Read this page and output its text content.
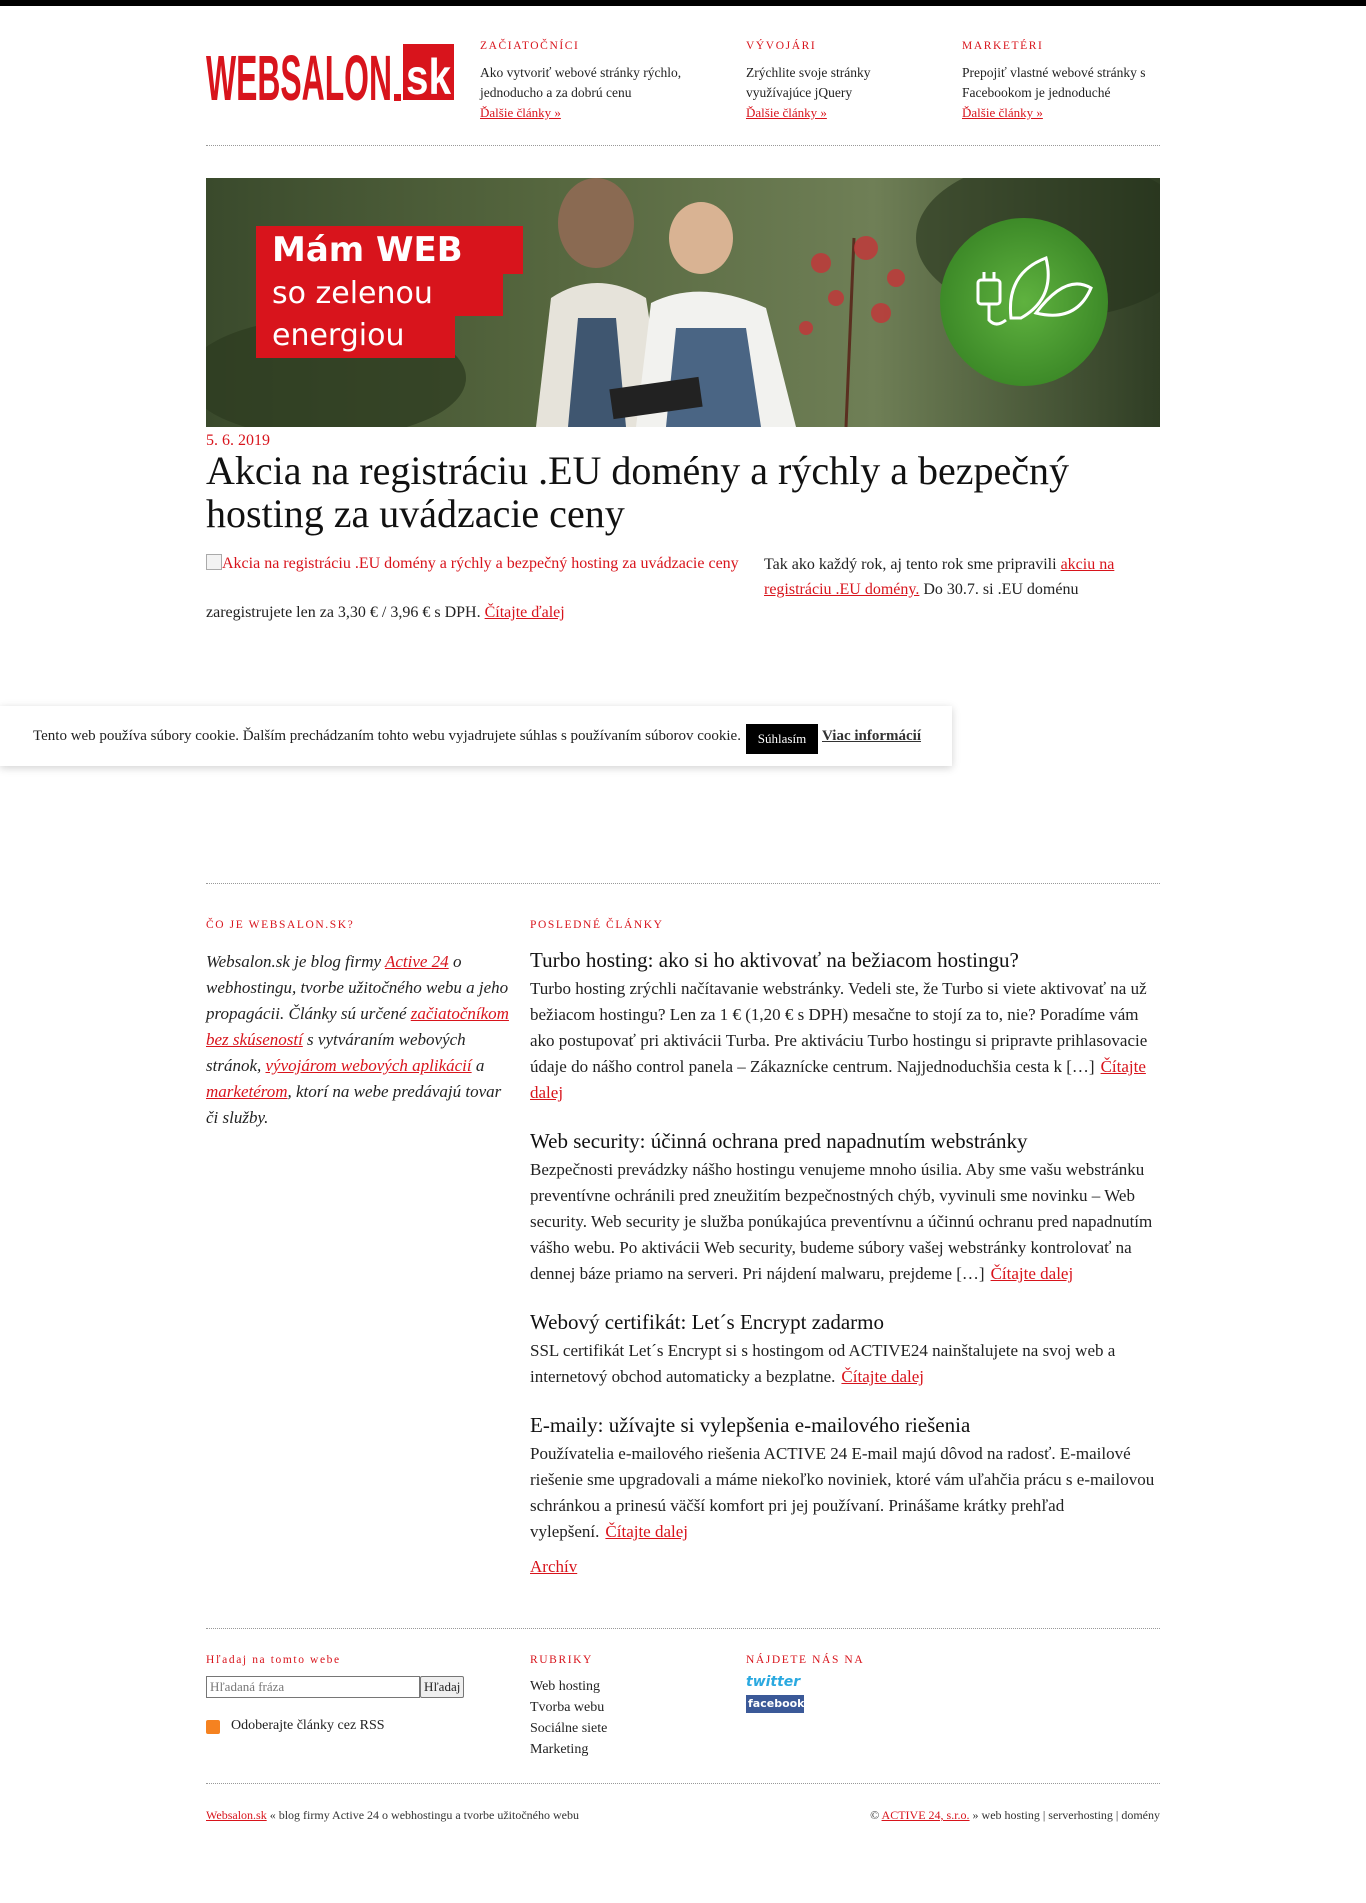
WEBSALON sk
ZAČIATOČNÍCI
Ako vytvoriť webové stránky rýchlo, jednoducho a za dobrú cenu
Ďalšie články »
VÝVOJÁRI
Zrýchlite svoje stránky využívajúce jQuery
Ďalšie články »
MARKETÉRI
Prepojiť vlastné webové stránky s Facebookom je jednoduché
Ďalšie články »
Mám WEB
so zelenou
energiou
5. 6. 2019
Akcia na registráciu .EU domény a rýchly a bezpečný hosting za uvádzacie ceny
Akcia na registráciu .EU domény a rýchly a bezpečný hosting za uvádzacie ceny Tak ako každý rok, aj tento rok sme pripravili akciu na registráciu .EU domény. Do 30.7. si .EU doménu
zaregistrujete len za 3,30 € / 3,96 € s DPH. Čítajte ďalej
ČO JE WEBSALON.SK?
Websalon.sk je blog firmy Active 24 o webhostingu, tvorbe užitočného webu a jeho propagácii. Články sú určené začiatočníkom bez skúseností s vytváraním webových stránok, vývojárom webových aplikácií a marketérom, ktorí na webe predávajú tovar či služby.
POSLEDNÉ ČLÁNKY
Turbo hosting: ako si ho aktivovať na bežiacom hostingu?

Turbo hosting zrýchli načítavanie webstránky. Vedeli ste, že Turbo si viete aktivovať na už bežiacom hostingu? Len za 1 € (1,20 € s DPH) mesačne to stojí za to, nie? Poradíme vám ako postupovať pri aktivácii Turba. Pre aktiváciu Turbo hostingu si pripravte prihlasovacie údaje do nášho control panela – Zákaznícke centrum. Najjednoduchšia cesta k […] Čítajte dalej

Web security: účinná ochrana pred napadnutím webstránky

Bezpečnosti prevádzky nášho hostingu venujeme mnoho úsilia. Aby sme vašu webstránku preventívne ochránili pred zneužitím bezpečnostných chýb, vyvinuli sme novinku – Web security. Web security je služba ponúkajúca preventívnu a účinnú ochranu pred napadnutím vášho webu. Po aktivácii Web security, budeme súbory vašej webstránky kontrolovať na dennej báze priamo na serveri. Pri nájdení malwaru, prejdeme […] Čítajte dalej

Webový certifikát: Let´s Encrypt zadarmo

SSL certifikát Let´s Encrypt si s hostingom od ACTIVE24 nainštalujete na svoj web a internetový obchod automaticky a bezplatne. Čítajte dalej

E-maily: užívajte si vylepšenia e-mailového riešenia

Používatelia e-mailového riešenia ACTIVE 24 E-mail majú dôvod na radosť. E-mailové riešenie sme upgradovali a máme niekoľko noviniek, ktoré vám uľahčia prácu s e-mailovou schránkou a prinesú väčší komfort pri jej používaní. Prinášame krátky prehľad vylepšení. Čítajte dalej

Archív
Hľadaj na tomto webe
Hľadaná fráza	Hľadaj
Odoberajte články cez RSS
RUBRIKY
Web hosting
Tvorba webu
Sociálne siete
Marketing
NÁJDETE NÁS NA
twitter
facebook
Websalon.sk « blog firmy Active 24 o webhostingu a tvorbe užitočného webu	© ACTIVE 24, s.r.o. » web hosting | serverhosting | domény
Tento web používa súbory cookie. Ďalším prechádzaním tohto webu vyjadrujete súhlas s používaním súborov cookie.	Súhlasím	Viac informácií
